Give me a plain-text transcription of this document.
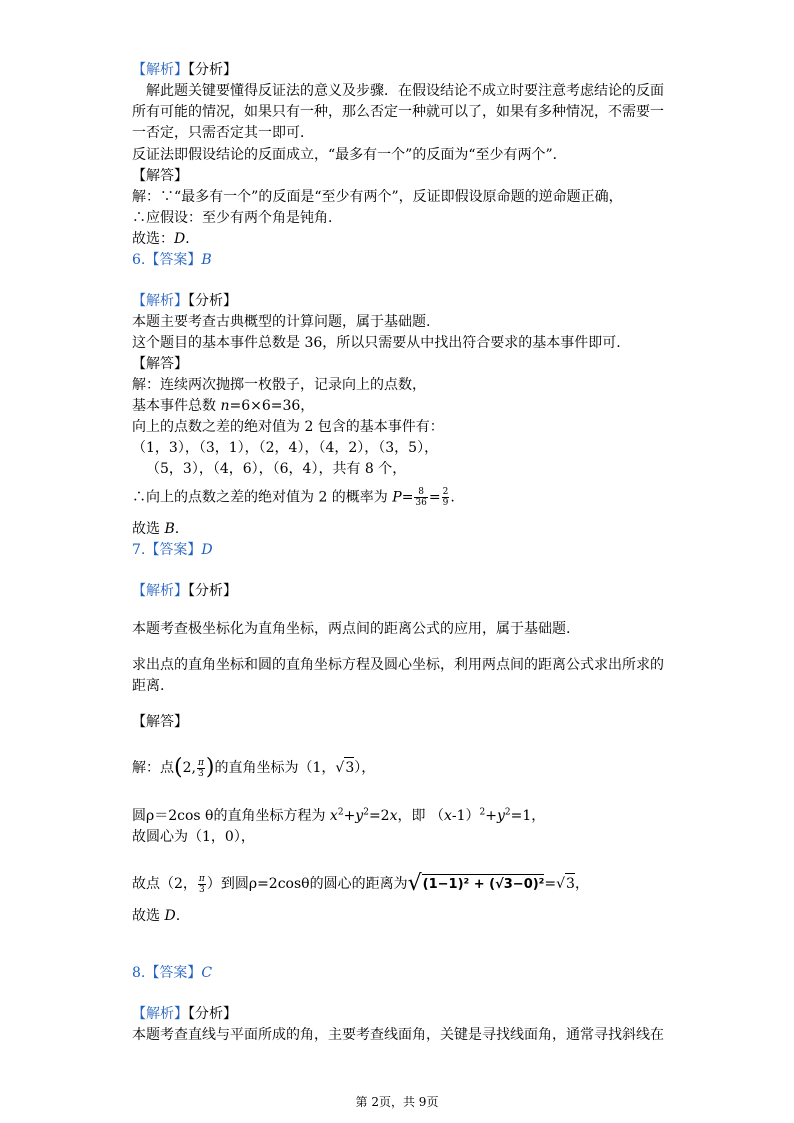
【解析】【分析】
解此题关键要懂得反证法的意义及步骤．在假设结论不成立时要注意考虑结论的反面
所有可能的情况，如果只有一种，那么否定一种就可以了，如果有多种情况，不需要一
一否定，只需否定其一即可．
反证法即假设结论的反面成立，“最多有一个”的反面为“至少有两个”．
【解答】
解：∵“最多有一个”的反面是“至少有两个”，反证即假设原命题的逆命题正确，
∴应假设：至少有两个角是钝角．
故选：D．
6.【答案】B
【解析】【分析】
本题主要考查古典概型的计算问题，属于基础题.
这个题目的基本事件总数是 36，所以只需要从中找出符合要求的基本事件即可.
【解答】
解：连续两次抛掷一枚骰子，记录向上的点数，
基本事件总数 n=6×6=36，
向上的点数之差的绝对值为 2 包含的基本事件有：
（1，3），（3，1），（2，4），（4，2），（3，5），
（5，3），（4，6），（6，4），共有 8 个，
∴向上的点数之差的绝对值为 2 的概率为 $P= \frac{8}{36} = \frac{2}{9}$ .
故选 B.
7.【答案】D
【解析】【分析】
本题考查极坐标化为直角坐标，两点间的距离公式的应用，属于基础题.
求出点的直角坐标和圆的直角坐标方程及圆心坐标，利用两点间的距离公式求出所求的
距离.
【解答】
解：点(2, $\frac{\pi}{3}$ )的直角坐标为（1，√3），
圆ρ＝2cos θ的直角坐标方程为 $x^2+y^2=2x$，即 $(x-1)^2+y^2=1$，
故圆心为（1，0），
故点（2， $\frac{\pi}{3}$ ）到圆ρ=2cosθ的圆心的距离为√(1−1)² + (√3−0)²=√3，
故选 D.
8.【答案】C
【解析】【分析】
本题考查直线与平面所成的角，主要考查线面角，关键是寻找线面角，通常寻找斜线在
第 2页，共 9页
